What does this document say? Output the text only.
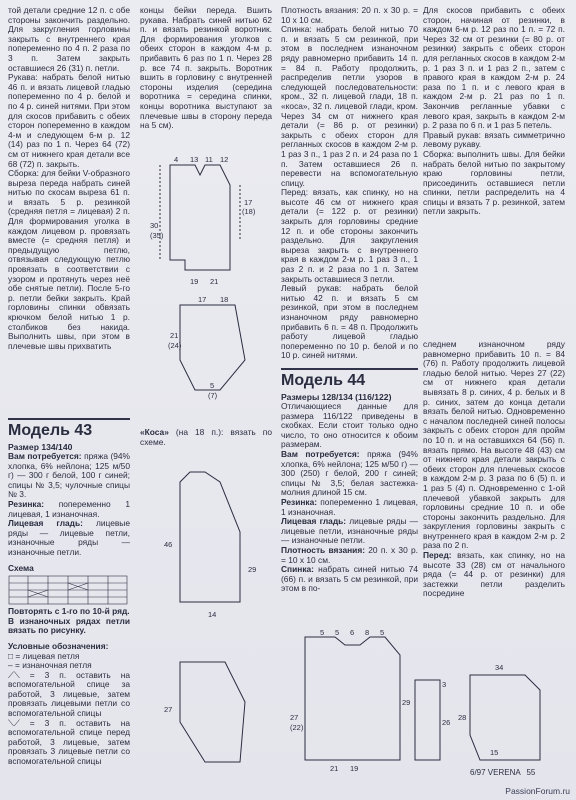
той детали средние 12 п. с обе стороны закончить раздельно. Для закругления горловины закрыть с внутреннего края попеременно по 4 п. 2 раза по 3 п. Затем закрыть оставшиеся 26 (31) п. петли.

Рукава: набрать белой нитью 46 п. и вязать лицевой гладью попеременно по 4 р. белой и по 4 р. синей нитями. При этом для скосов прибавить с обеих сторон попеременно в каждом 4-м и следующем 6-м р. 12 (14) раз по 1 п. Через 64 (72) см от нижнего края детали все 68 (72) п. закрыть.

Сборка: для бейки V-образного выреза переда набрать синей нитью по скосам выреза 61 п. и вязать 5 р. резинкой (средняя петля = лицевая) 2 п. Для формирования уголка в каждом лицевом р. провязать вместе (= средняя петля) и предыдущую петлю, отвязывая следующую петлю провязать в соответствии с узором и протянуть через неё обе снятые петли). После 5-го р. петли бейки закрыть. Край горловины спинки обвязать крючком белой нитью 1 р. столбиков без накида. Выполнить швы, при этом в плечевые швы прихватить

концы бейки переда. Вшить рукава. Набрать синей нитью 62 п. и вязать резинкой воротник. Для формирования уголков с обеих сторон в каждом 4-м р. прибавить 6 раз по 1 п. Через 28 р. все 74 п. закрыть. Воротник вшить в горловину с внутренней стороны изделия (середина воротника = середина спинки, концы воротника выступают за плечевые швы в сторону переда на 5 см).

Плотность вязания: 20 п. x 30 р. = 10 x 10 см.

Спинка: набрать белой нитью 70 п. и вязать 5 см резинкой, при этом в последнем изнаночном ряду равномерно прибавить 14 п. = 84 п. Работу продолжить, распределив петли узоров в следующей последовательности: кром., 32 п. лицевой глади, 18 п. «коса», 32 п. лицевой глади, кром. Через 34 см от нижнего края детали (= 86 р. от резинки) закрыть с обеих сторон для регланных скосов в каждом 2-м р. 1 раз 3 п., 1 раз 2 п. и 24 раза по 1 п. Затем оставшиеся 26 п. перевести на вспомогательную спицу.

Перед: вязать, как спинку, но на высоте 46 см от нижнего края детали (= 122 р. от резинки) закрыть для горловины средние 12 п. и обе стороны закончить раздельно. Для закругления выреза закрыть с внутреннего края в каждом 2-м р. 1 раз 3 п., 1 раз 2 п. и 2 раза по 1 п. Затем закрыть оставшиеся 3 петли.

Левый рукав: набрать белой нитью 42 п. и вязать 5 см резинкой, при этом в последнем изнаночном ряду равномерно прибавить 6 п. = 48 п. Продолжить работу лицевой гладью попеременно по 10 р. белой и по 10 р. синей нитями.

Для скосов прибавить с обеих сторон, начиная от резинки, в каждом 6-м р. 12 раз по 1 п. = 72 п. Через 32 см от резинки (= 80 р. от резинки) закрыть с обеих сторон для регланных скосов в каждом 2-м р. 1 раз 3 п. и 1 раз 2 п., затем с правого края в каждом 2-м р. 24 раза по 1 п. и с левого края в каждом 2-м р. 21 раз по 1 п. Закончив регланные убавки с левого края, закрыть в каждом 2-м р. 2 раза по 6 п. и 1 раз 5 петель.

Правый рукав: вязать симметрично левому рукаву.

Сборка: выполнить швы. Для бейки набрать белой нитью по закрытому краю горловины петли, присоединить оставшиеся петли спинки, петли распределить на 4 спицы и вязать 7 р. резинкой, затем петли закрыть.

13 11 12
4
17
(18)
30
(35)
19 21
17 18
21
(24)
5
(7)
Модель 43
Размер 134/140

Вам потребуется: пряжа (94% хлопка, 6% нейлона; 125 м/50 г) — 300 г белой, 100 г синей; спицы № 3,5; чулочные спицы № 3.

Резинка: попеременно 1 лицевая, 1 изнаночная.

Лицевая гладь: лицевые ряды — лицевые петли, изнаночные ряды — изнаночные петли.

Схема

Повторять с 1-го по 10-й ряд.

В изнаночных рядах петли вязать по рисунку.

Условные обозначения:

□ = лицевая петля

– = изнаночная петля

⟋⟍ = 3 п. оставить на вспомогательной спице за работой, 3 лицевые, затем провязать лицевыми петли со вспомогательной спицы

⟍⟋ = 3 п. оставить на вспомогательной спице перед работой, 3 лицевые, затем провязать 3 лицевые петли со вспомогательной спицы

«Коса» (на 18 п.): вязать по схеме.

46
29
14
27
Модель 44
Размеры 128/134 (116/122)

Отличающиеся данные для размера 116/122 приведены в скобках. Если стоит только одно число, то оно относится к обоим размерам.

Вам потребуется: пряжа (94% хлопка, 6% нейлона; 125 м/50 г) — 300 (250) г белой, 200 г синей; спицы № 3,5; белая застежка-молния длиной 15 см.

Резинка: попеременно 1 лицевая, 1 изнаночная.

Лицевая гладь: лицевые ряды — лицевые петли, изнаночные ряды — изнаночные петли.

Плотность вязания: 20 п. x 30 р. = 10 x 10 см.

Спинка: набрать синей нитью 74 (66) п. и вязать 5 см резинкой, при этом в по-

следнем изнаночном ряду равномерно прибавить 10 п. = 84 (76) п. Работу продолжить лицевой гладью белой нитью. Через 27 (22) см от нижнего края детали вывязать 8 р. синих, 4 р. белых и 8 р. синих, затем до конца детали вязать белой нитью. Одновременно с началом последней синей полосы закрыть с обеих сторон для пройм по 10 п. и на оставшихся 64 (56) п. вязать прямо. На высоте 48 (43) см от нижнего края детали закрыть с обеих сторон для плечевых скосов в каждом 2-м р. 3 раза по 6 (5) п. и 1 раз 5 (4) п. Одновременно с 1-ой плечевой убавкой закрыть для горловины средние 10 п. и обе стороны закончить раздельно. Для закругления горловины закрыть с внутреннего края в каждом 2-м р. 2 раза по 2 п.

Перед: вязать, как спинку, но на высоте 33 (28) см от начального ряда (= 44 р. от резинки) для застежки петли разделить посредине

5 5 6 8 5
27
(22)
21 19
29
3
26
28
15
34
6/97 VERENA 55
PassionForum.ru
